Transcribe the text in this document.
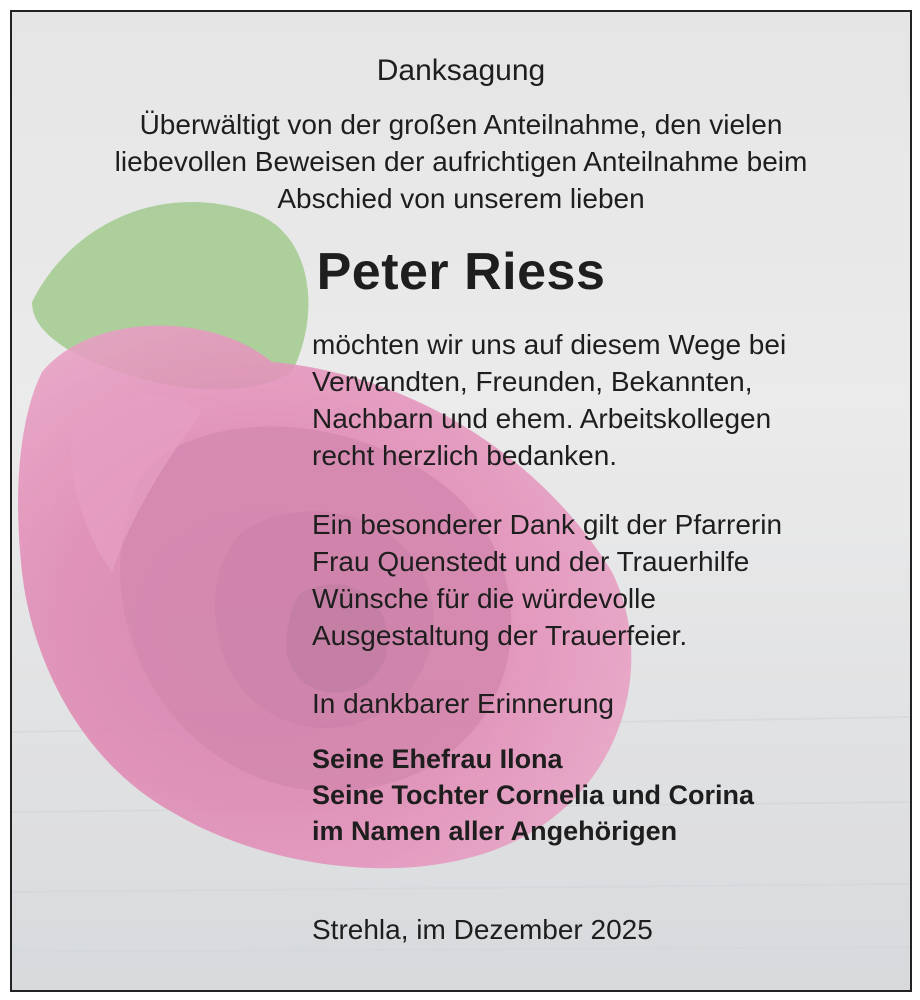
Danksagung
Überwältigt von der großen Anteilnahme, den vielen
liebevollen Beweisen der aufrichtigen Anteilnahme beim
Abschied von unserem lieben
Peter Riess
möchten wir uns auf diesem Wege bei
Verwandten, Freunden, Bekannten,
Nachbarn und ehem. Arbeitskollegen
recht herzlich bedanken.
Ein besonderer Dank gilt der Pfarrerin
Frau Quenstedt und der Trauerhilfe
Wünsche für die würdevolle
Ausgestaltung der Trauerfeier.
In dankbarer Erinnerung
Seine Ehefrau Ilona
Seine Tochter Cornelia und Corina
im Namen aller Angehörigen
Strehla, im Dezember 2025
